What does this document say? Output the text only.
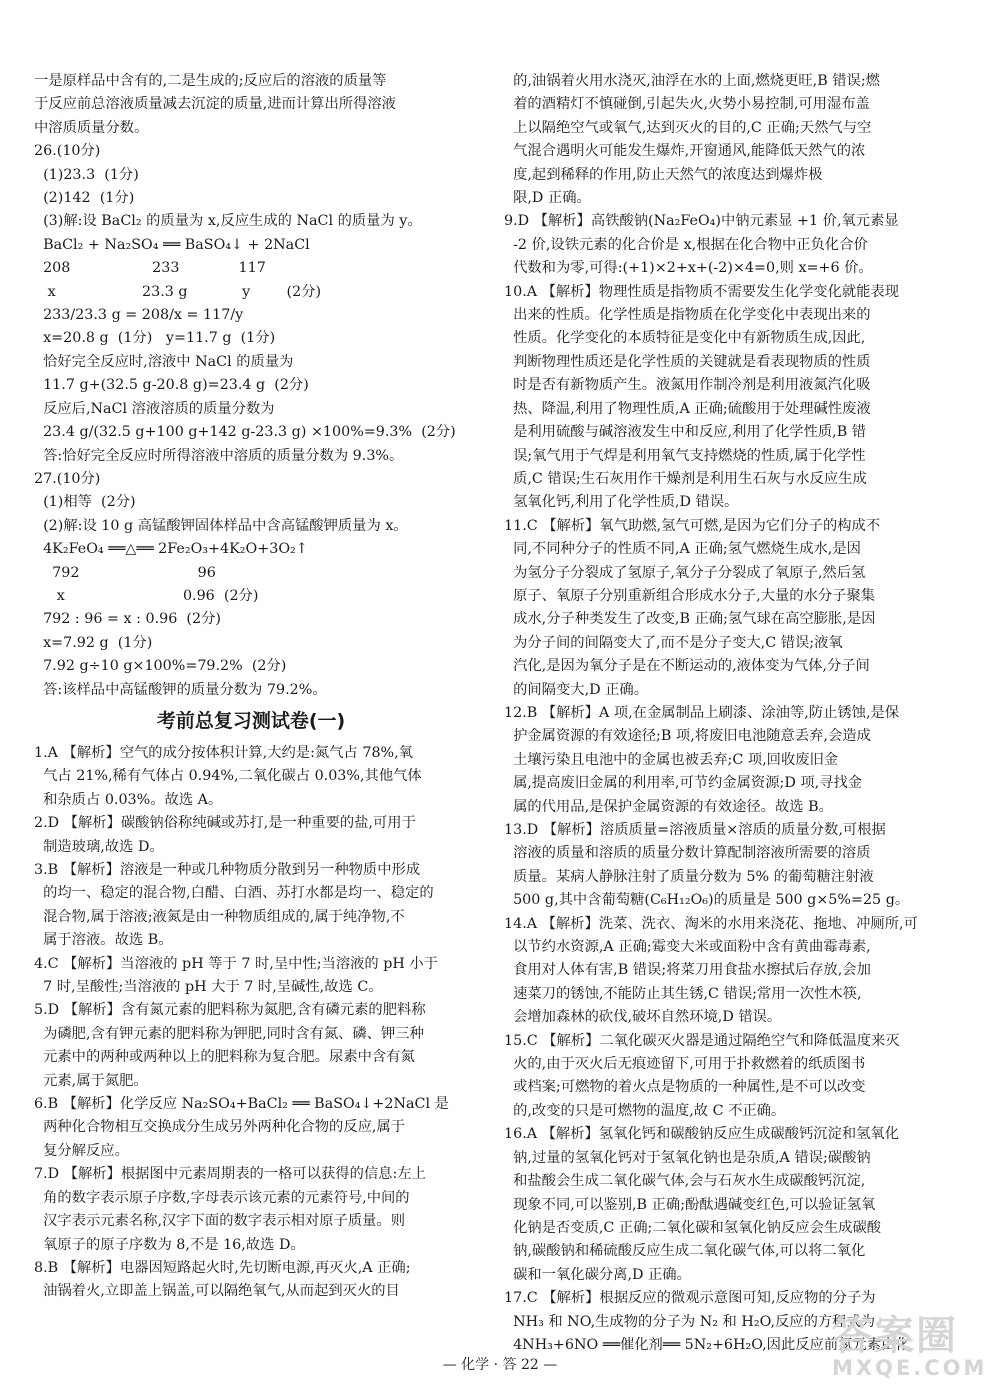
一是原样品中含有的,二是生成的;反应后的溶液的质量等
于反应前总溶液质量减去沉淀的质量,进而计算出所得溶液
中溶质质量分数。
26.(10分)
(1)23.3  (1分)
(2)142  (1分)
(3)解:设 BaCl₂ 的质量为 x,反应生成的 NaCl 的质量为 y。
BaCl₂ + Na₂SO₄ ══ BaSO₄↓ + 2NaCl
208                  233             117
x                   23.3 g            y        (2分)
233/23.3 g = 208/x = 117/y
x=20.8 g  (1分)   y=11.7 g  (1分)
恰好完全反应时,溶液中 NaCl 的质量为
11.7 g+(32.5 g-20.8 g)=23.4 g  (2分)
反应后,NaCl 溶液溶质的质量分数为
23.4 g/(32.5 g+100 g+142 g-23.3 g) ×100%=9.3%  (2分)
答:恰好完全反应时所得溶液中溶质的质量分数为 9.3%。
27.(10分)
(1)相等  (2分)
(2)解:设 10 g 高锰酸钾固体样品中含高锰酸钾质量为 x。
4K₂FeO₄ ══△══ 2Fe₂O₃+4K₂O+3O₂↑
792                          96
x                          0.96  (2分)
792 : 96 = x : 0.96  (2分)
x=7.92 g  (1分)
7.92 g÷10 g×100%=79.2%  (2分)
答:该样品中高锰酸钾的质量分数为 79.2%。
考前总复习测试卷(一)
1.A 【解析】空气的成分按体积计算,大约是:氮气占 78%,氧
气占 21%,稀有气体占 0.94%,二氧化碳占 0.03%,其他气体
和杂质占 0.03%。故选 A。
2.D 【解析】碳酸钠俗称纯碱或苏打,是一种重要的盐,可用于
制造玻璃,故选 D。
3.B 【解析】溶液是一种或几种物质分散到另一种物质中形成
的均一、稳定的混合物,白醋、白酒、苏打水都是均一、稳定的
混合物,属于溶液;液氮是由一种物质组成的,属于纯净物,不
属于溶液。故选 B。
4.C 【解析】当溶液的 pH 等于 7 时,呈中性;当溶液的 pH 小于
7 时,呈酸性;当溶液的 pH 大于 7 时,呈碱性,故选 C。
5.D 【解析】含有氮元素的肥料称为氮肥,含有磷元素的肥料称
为磷肥,含有钾元素的肥料称为钾肥,同时含有氮、磷、钾三种
元素中的两种或两种以上的肥料称为复合肥。尿素中含有氮
元素,属于氮肥。
6.B 【解析】化学反应 Na₂SO₄+BaCl₂ ══ BaSO₄↓+2NaCl 是
两种化合物相互交换成分生成另外两种化合物的反应,属于
复分解反应。
7.D 【解析】根据图中元素周期表的一格可以获得的信息:左上
角的数字表示原子序数,字母表示该元素的元素符号,中间的
汉字表示元素名称,汉字下面的数字表示相对原子质量。则
氧原子的原子序数为 8,不是 16,故选 D。
8.B 【解析】电器因短路起火时,先切断电源,再灭火,A 正确;
油锅着火,立即盖上锅盖,可以隔绝氧气,从而起到灭火的目
的,油锅着火用水浇灭,油浮在水的上面,燃烧更旺,B 错误;燃
着的酒精灯不慎碰倒,引起失火,火势小易控制,可用湿布盖
上以隔绝空气或氧气,达到灭火的目的,C 正确;天然气与空
气混合遇明火可能发生爆炸,开窗通风,能降低天然气的浓
度,起到稀释的作用,防止天然气的浓度达到爆炸极
限,D 正确。
9.D 【解析】高铁酸钠(Na₂FeO₄)中钠元素显 +1 价,氧元素显
-2 价,设铁元素的化合价是 x,根据在化合物中正负化合价
代数和为零,可得:(+1)×2+x+(-2)×4=0,则 x=+6 价。
10.A 【解析】物理性质是指物质不需要发生化学变化就能表现
出来的性质。化学性质是指物质在化学变化中表现出来的
性质。化学变化的本质特征是变化中有新物质生成,因此,
判断物理性质还是化学性质的关键就是看表现物质的性质
时是否有新物质产生。液氮用作制冷剂是利用液氮汽化吸
热、降温,利用了物理性质,A 正确;硫酸用于处理碱性废液
是利用硫酸与碱溶液发生中和反应,利用了化学性质,B 错
误;氧气用于气焊是利用氧气支持燃烧的性质,属于化学性
质,C 错误;生石灰用作干燥剂是利用生石灰与水反应生成
氢氧化钙,利用了化学性质,D 错误。
11.C 【解析】氧气助燃,氢气可燃,是因为它们分子的构成不
同,不同种分子的性质不同,A 正确;氢气燃烧生成水,是因
为氢分子分裂成了氢原子,氧分子分裂成了氧原子,然后氢
原子、氧原子分别重新组合形成水分子,大量的水分子聚集
成水,分子种类发生了改变,B 正确;氢气球在高空膨胀,是因
为分子间的间隔变大了,而不是分子变大,C 错误;液氧
汽化,是因为氧分子是在不断运动的,液体变为气体,分子间
的间隔变大,D 正确。
12.B 【解析】A 项,在金属制品上刷漆、涂油等,防止锈蚀,是保
护金属资源的有效途径;B 项,将废旧电池随意丢弃,会造成
土壤污染且电池中的金属也被丢弃;C 项,回收废旧金
属,提高废旧金属的利用率,可节约金属资源;D 项,寻找金
属的代用品,是保护金属资源的有效途径。故选 B。
13.D 【解析】溶质质量=溶液质量×溶质的质量分数,可根据
溶液的质量和溶质的质量分数计算配制溶液所需要的溶质
质量。某病人静脉注射了质量分数为 5% 的葡萄糖注射液
500 g,其中含葡萄糖(C₆H₁₂O₆)的质量是 500 g×5%=25 g。
14.A 【解析】洗菜、洗衣、淘米的水用来浇花、拖地、冲厕所,可
以节约水资源,A 正确;霉变大米或面粉中含有黄曲霉毒素,
食用对人体有害,B 错误;将菜刀用食盐水擦拭后存放,会加
速菜刀的锈蚀,不能防止其生锈,C 错误;常用一次性木筷,
会增加森林的砍伐,破坏自然环境,D 错误。
15.C 【解析】二氧化碳灭火器是通过隔绝空气和降低温度来灭
火的,由于灭火后无痕迹留下,可用于扑救燃着的纸质图书
或档案;可燃物的着火点是物质的一种属性,是不可以改变
的,改变的只是可燃物的温度,故 C 不正确。
16.A 【解析】氢氧化钙和碳酸钠反应生成碳酸钙沉淀和氢氧化
钠,过量的氢氧化钙对于氢氧化钠也是杂质,A 错误;碳酸钠
和盐酸会生成二氧化碳气体,会与石灰水生成碳酸钙沉淀,
现象不同,可以鉴别,B 正确;酚酞遇碱变红色,可以验证氢氧
化钠是否变质,C 正确;二氧化碳和氢氧化钠反应会生成碳酸
钠,碳酸钠和稀硫酸反应生成二氧化碳气体,可以将二氧化
碳和一氧化碳分离,D 正确。
17.C 【解析】根据反应的微观示意图可知,反应物的分子为
NH₃ 和 NO,生成物的分子为 N₂ 和 H₂O,反应的方程式为
4NH₃+6NO ══催化剂══ 5N₂+6H₂O,因此反应前氮元素由化
— 化学 · 答 22 —
答案圈
MXQE.COM
